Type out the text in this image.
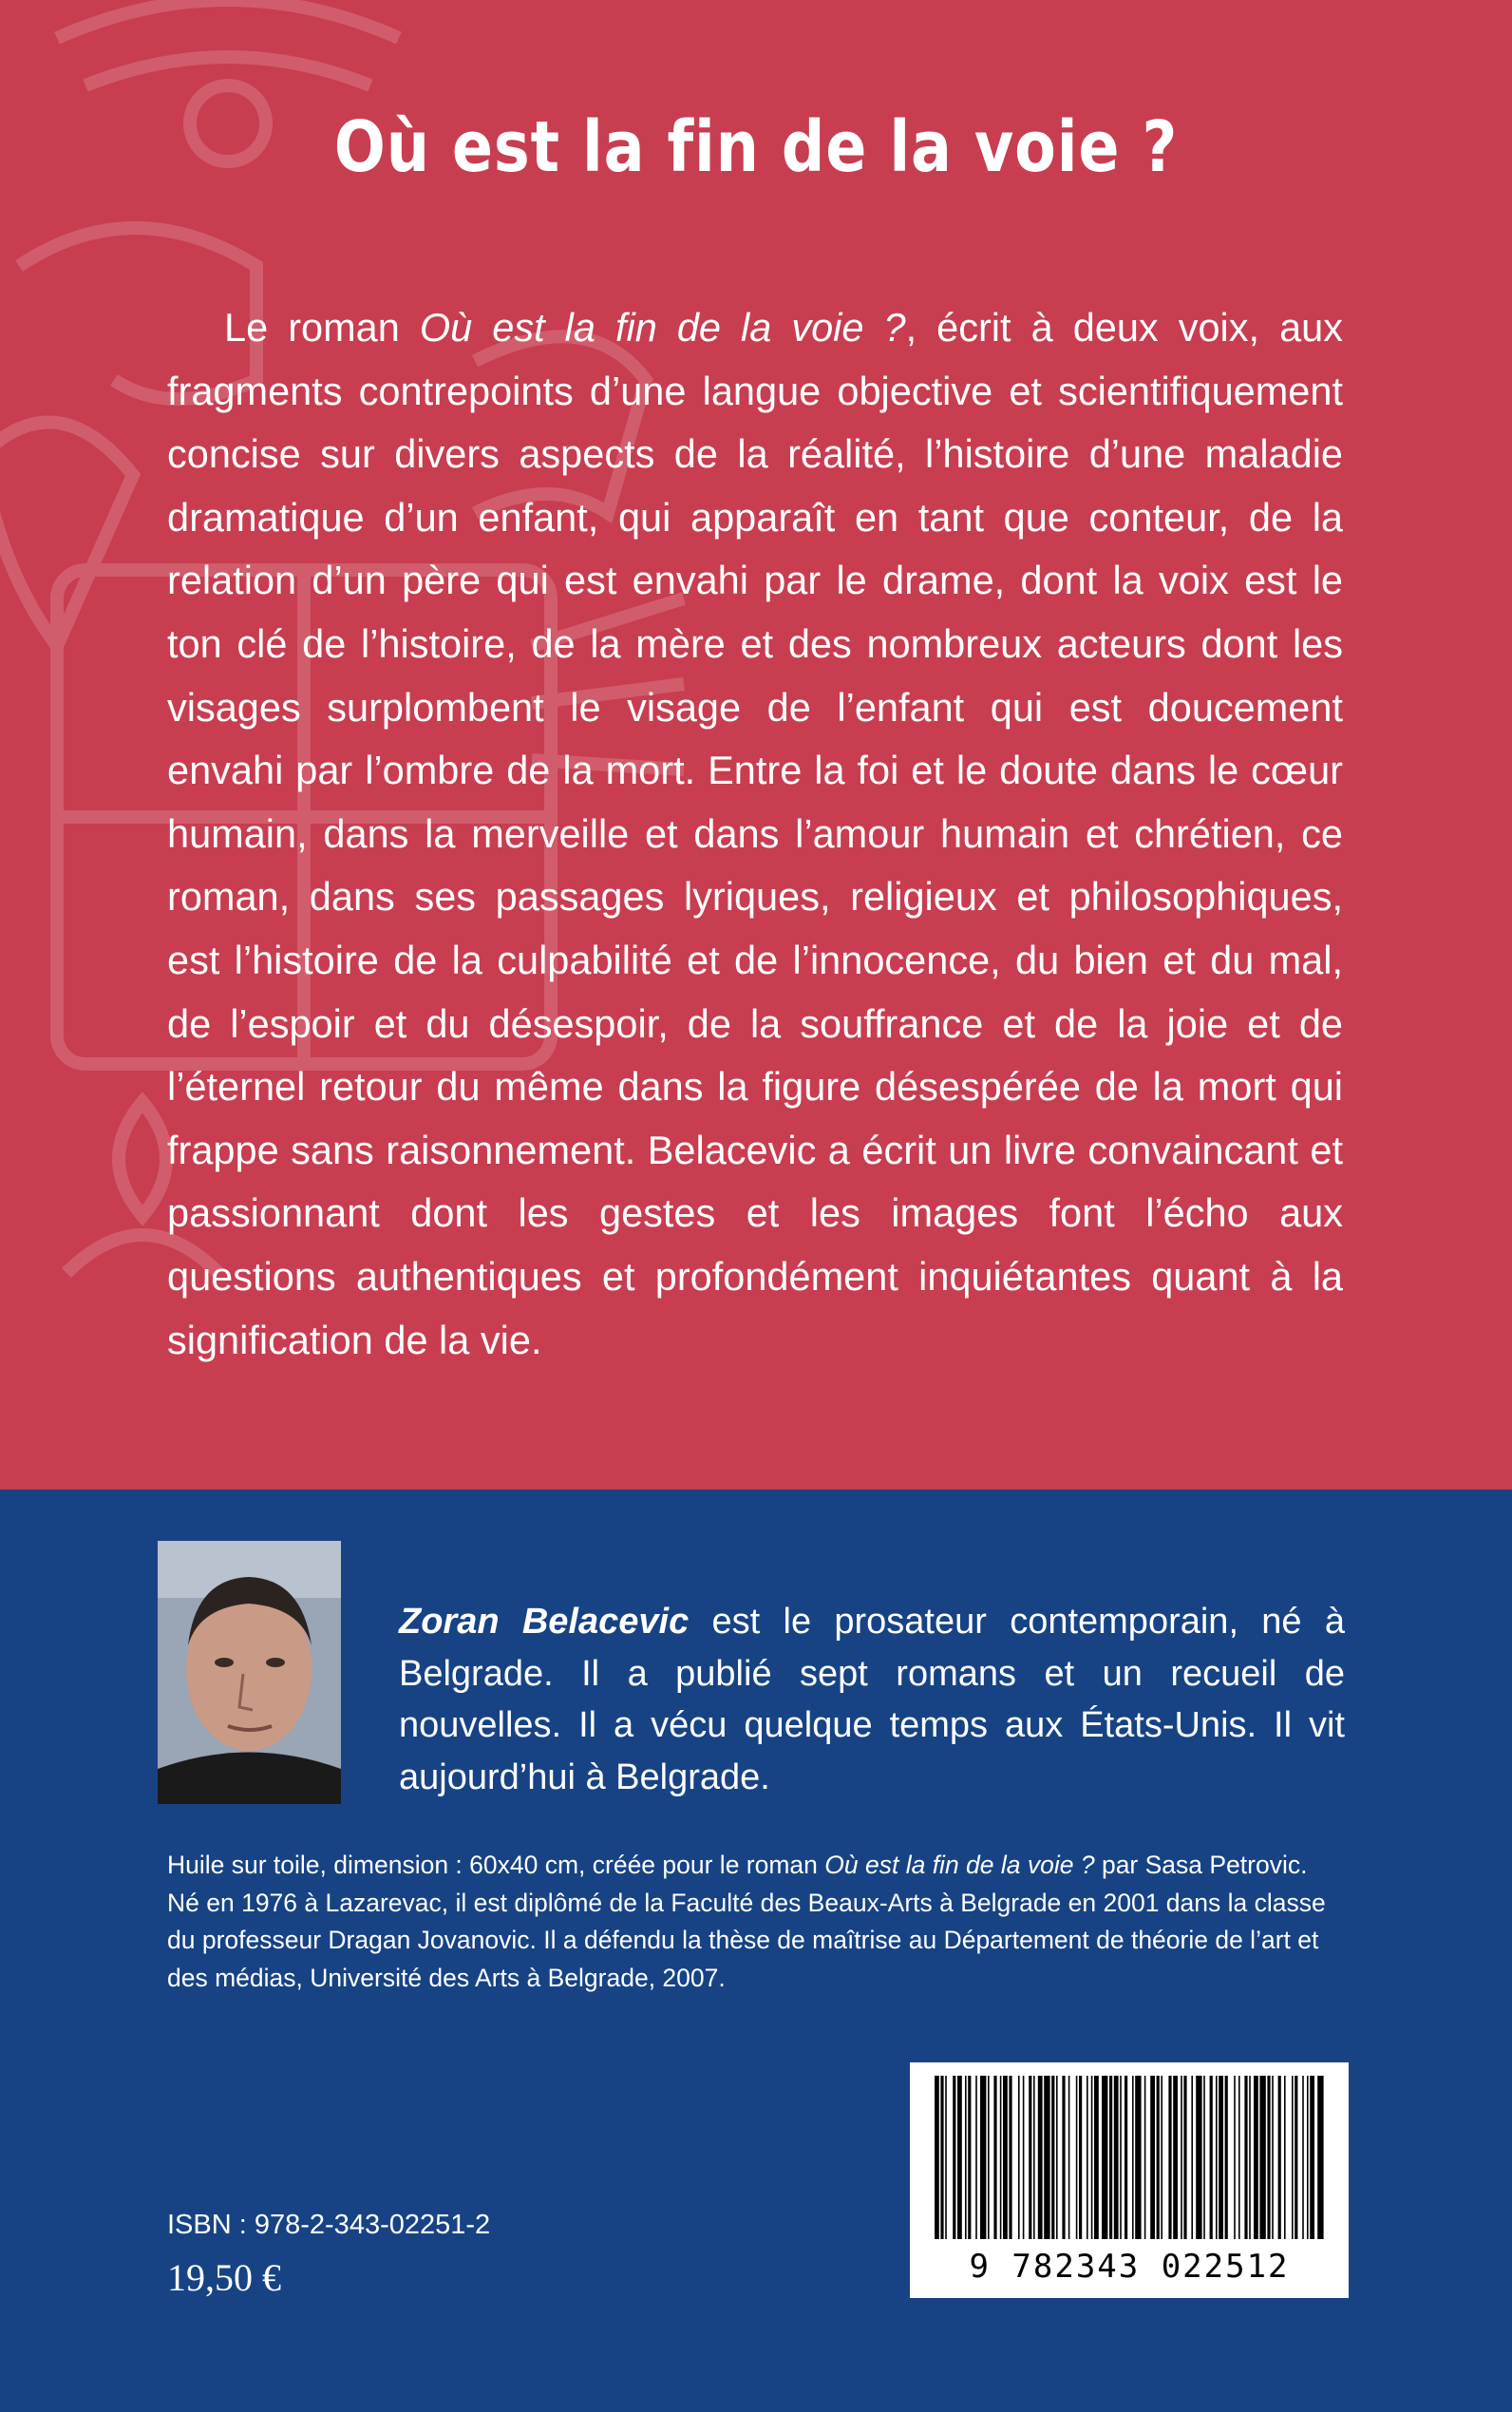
Où est la fin de la voie ?

Le roman Où est la fin de la voie ?, écrit à deux voix, aux fragments contrepoints d’une langue objective et scientifiquement concise sur divers aspects de la réalité, l’histoire d’une maladie dramatique d’un enfant, qui apparaît en tant que conteur, de la relation d’un père qui est envahi par le drame, dont la voix est le ton clé de l’histoire, de la mère et des nombreux acteurs dont les visages surplombent le visage de l’enfant qui est doucement envahi par l’ombre de la mort. Entre la foi et le doute dans le cœur humain, dans la merveille et dans l’amour humain et chrétien, ce roman, dans ses passages lyriques, religieux et philosophiques, est l’histoire de la culpabilité et de l’innocence, du bien et du mal, de l’espoir et du désespoir, de la souffrance et de la joie et de l’éternel retour du même dans la figure désespérée de la mort qui frappe sans raisonnement. Belacevic a écrit un livre convaincant et passionnant dont les gestes et les images font l’écho aux questions authentiques et profondément inquiétantes quant à la signification de la vie.

Zoran Belacevic est le prosateur contemporain, né à Belgrade. Il a publié sept romans et un recueil de nouvelles. Il a vécu quelque temps aux États-Unis. Il vit aujourd’hui à Belgrade.

Huile sur toile, dimension : 60x40 cm, créée pour le roman Où est la fin de la voie ? par Sasa Petrovic. Né en 1976 à Lazarevac, il est diplômé de la Faculté des Beaux-Arts à Belgrade en 2001 dans la classe du professeur Dragan Jovanovic. Il a défendu la thèse de maîtrise au Département de théorie de l’art et des médias, Université des Arts à Belgrade, 2007.

9 782343 022512
ISBN : 978-2-343-02251-2
19,50 €
